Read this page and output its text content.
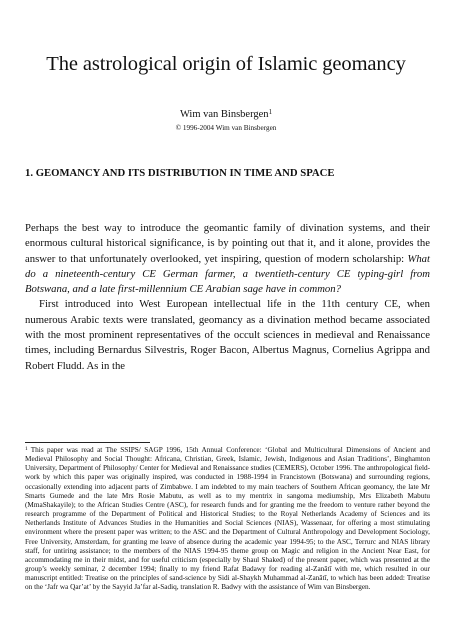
The astrological origin of Islamic geomancy
Wim van Binsbergen$^1$
© 1996-2004 Wim van Binsbergen
1. GEOMANCY AND ITS DISTRIBUTION IN TIME AND SPACE

Perhaps the best way to introduce the geomantic family of divination systems, and their enormous cultural historical significance, is by pointing out that it, and it alone, provides the answer to that unfortunately overlooked, yet inspiring, question of modern scholarship: What do a nineteenth-century CE German farmer, a twentieth-century CE typing-girl from Botswana, and a late first-millennium CE Arabian sage have in common?

First introduced into West European intellectual life in the 11th century CE, when numerous Arabic texts were translated, geomancy as a divination method became associated with the most prominent representatives of the occult sciences in medieval and Renaissance times, including Bernardus Silvestris, Roger Bacon, Albertus Magnus, Cornelius Agrippa and Robert Fludd. As in the

$^1$ This paper was read at The SSIPS/ SAGP 1996, 15th Annual Conference: ‘Global and Multicultural Dimensions of Ancient and Medieval Philosophy and Social Thought: Africana, Christian, Greek, Islamic, Jewish, Indigenous and Asian Traditions’, Binghamton University, Department of Philosophy/ Center for Medieval and Renaissance studies (CEMERS), October 1996. The anthropological field-work by which this paper was originally inspired, was conducted in 1988-1994 in Francistown (Botswana) and surrounding regions, occasionally extending into adjacent parts of Zimbabwe. I am indebted to my main teachers of Southern African geomancy, the late Mr Smarts Gumede and the late Mrs Rosie Mabutu, as well as to my mentrix in sangoma mediumship, Mrs Elizabeth Mabutu (MmaShakayile); to the African Studies Centre (ASC), for research funds and for granting me the freedom to venture rather beyond the research programme of the Department of Political and Historical Studies; to the Royal Netherlands Academy of Sciences and its Netherlands Institute of Advances Studies in the Humanities and Social Sciences (NIAS), Wassenaar, for offering a most stimulating environment where the present paper was written; to the ASC and the Department of Cultural Anthropology and Development Sociology, Free University, Amsterdam, for granting me leave of absence during the academic year 1994-95; to the ASC, Terrurc and NIAS library staff, for untiring assistance; to the members of the NIAS 1994-95 theme group on Magic and religion in the Ancient Near East, for accommodating me in their midst, and for useful criticism (especially by Shaul Shaked) of the present paper, which was presented at the group’s weekly seminar, 2 december 1994; finally to my friend Rafat Badawy for reading al-Zanātī with me, which resulted in our manuscript entitled: Treatise on the principles of sand-science by Sidi al-Shaykh Muhammad al-Zanātī, to which has been added: Treatise on the ‘Jafr wa Qar’at’ by the Sayyid Ja’far al-Sadiq, translation R. Badwy with the assistance of Wim van Binsbergen.
